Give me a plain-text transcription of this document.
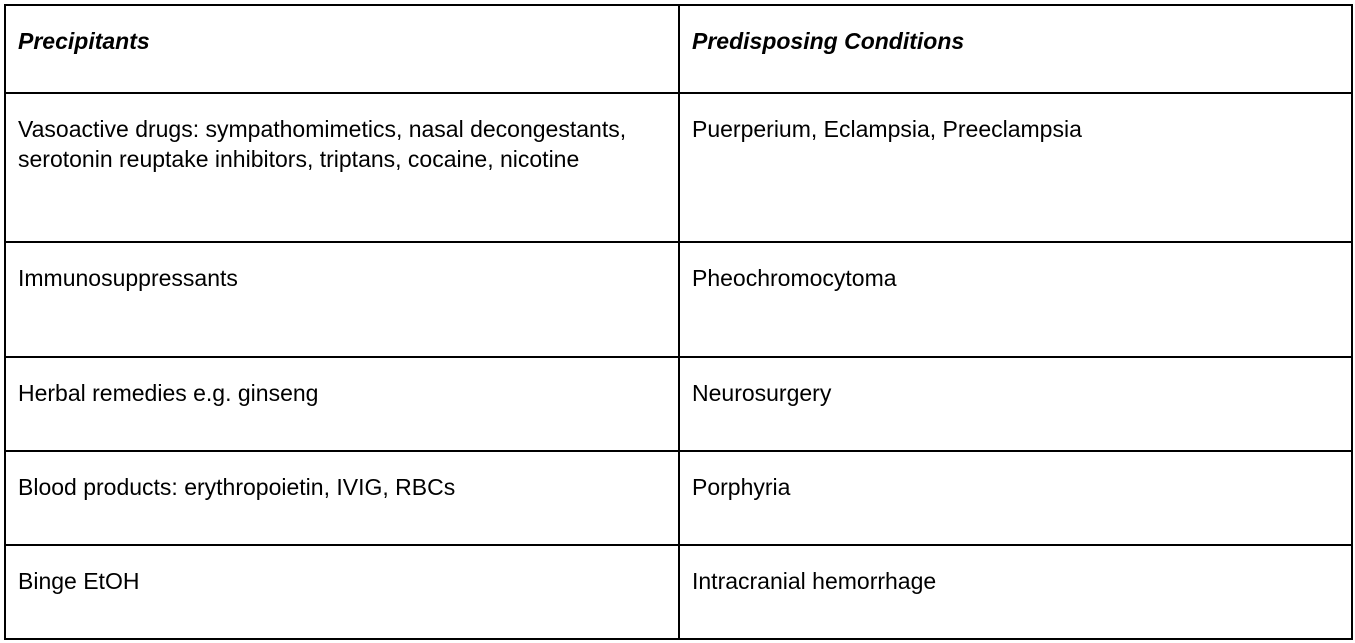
Precipitants	Predisposing Conditions
Vasoactive drugs: sympathomimetics, nasal decongestants, serotonin reuptake inhibitors, triptans, cocaine, nicotine	Puerperium, Eclampsia, Preeclampsia
Immunosuppressants	Pheochromocytoma
Herbal remedies e.g. ginseng	Neurosurgery
Blood products: erythropoietin, IVIG, RBCs	Porphyria
Binge EtOH	Intracranial hemorrhage
